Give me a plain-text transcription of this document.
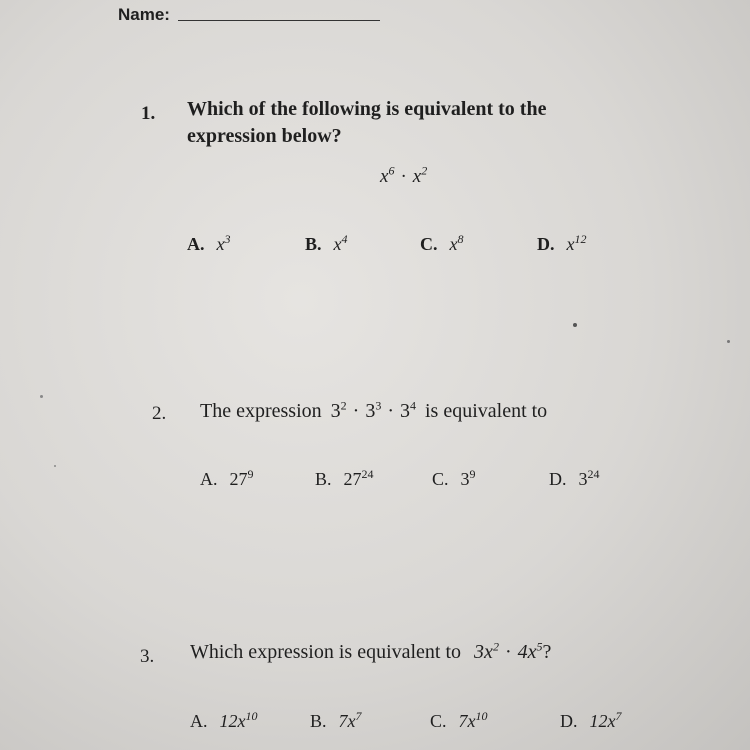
Name:
1. Which of the following is equivalent to the
expression below?
$x^6 \cdot x^2$
A. $x^3$	B. $x^4$	C. $x^8$	D. $x^{12}$
2. The expression $3^2 \cdot 3^3 \cdot 3^4$ is equivalent to
A. $27^9$	B. $27^{24}$	C. $3^9$	D. $3^{24}$
3. Which expression is equivalent to $3x^2 \cdot 4x^5$?
A. $12x^{10}$	B. $7x^7$	C. $7x^{10}$	D. $12x^7$
